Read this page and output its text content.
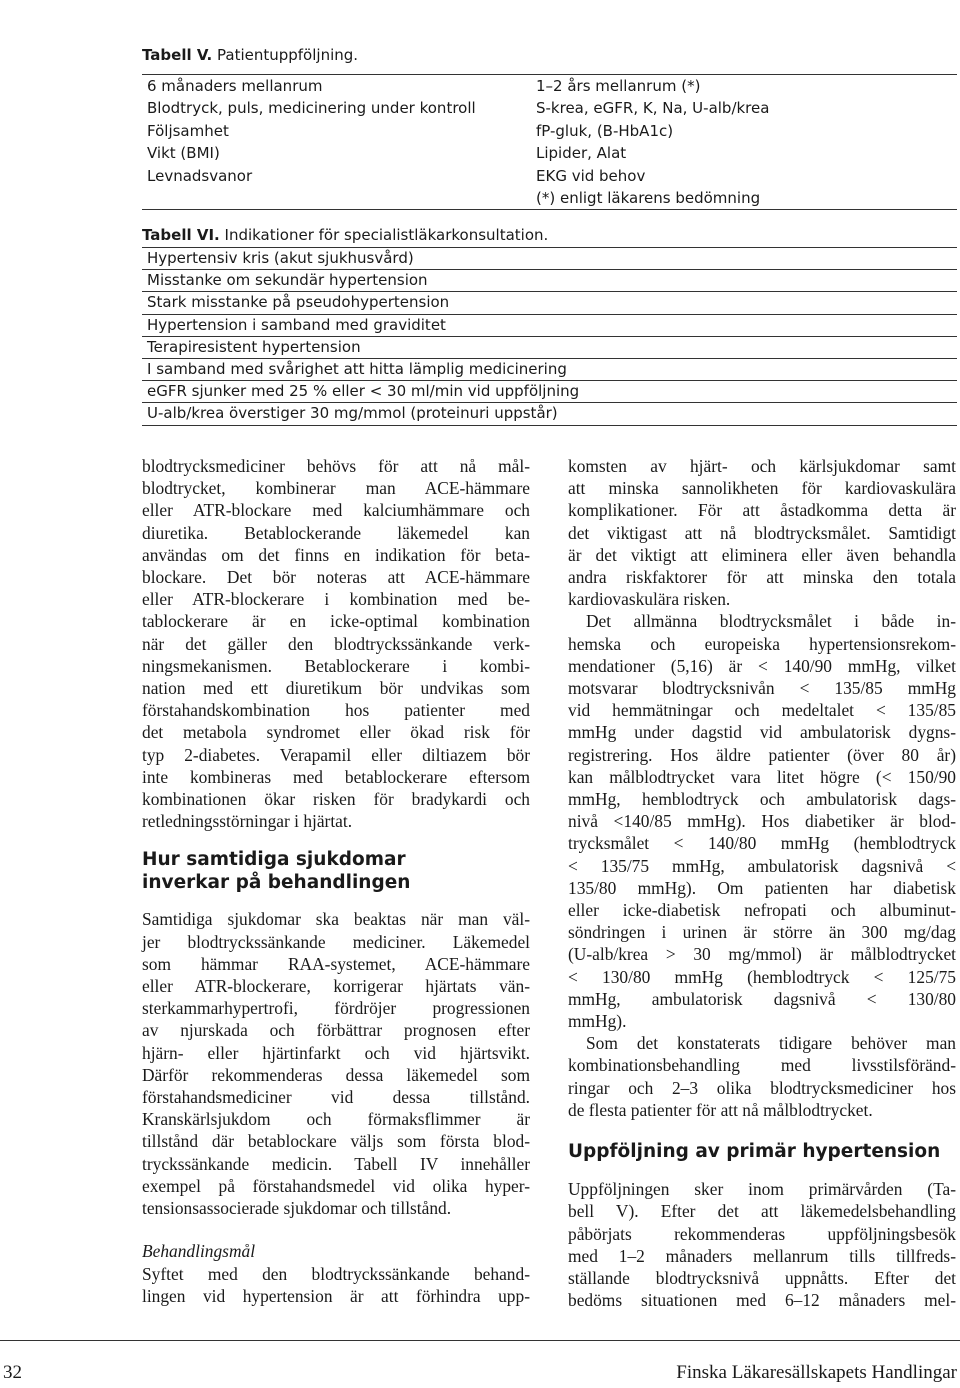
Tabell V. Patientuppföljning.
6 månaders mellanrum
Blodtryck, puls, medicinering under kontroll
Följsamhet
Vikt (BMI)
Levnadsvanor
1–2 års mellanrum (*)
S-krea, eGFR, K, Na, U-alb/krea
fP-gluk, (B-HbA1c)
Lipider, Alat
EKG vid behov
(*) enligt läkarens bedömning
Tabell VI. Indikationer för specialistläkarkonsultation.
Hypertensiv kris (akut sjukhusvård)
Misstanke om sekundär hypertension
Stark misstanke på pseudohypertension
Hypertension i samband med graviditet
Terapiresistent hypertension
I samband med svårighet att hitta lämplig medicinering
eGFR sjunker med 25 % eller < 30 ml/min vid uppföljning
U-alb/krea överstiger 30 mg/mmol (proteinuri uppstår)
blodtrycksmediciner behövs för att nå mål-
blodtrycket, kombinerar man ACE-hämmare
eller ATR-blockare med kalciumhämmare och
diuretika. Betablockerande läkemedel kan
användas om det finns en indikation för beta-
blockare. Det bör noteras att ACE-hämmare
eller ATR-blockerare i kombination med be-
tablockerare är en icke-optimal kombination
när det gäller den blodtryckssänkande verk-
ningsmekanismen. Betablockerare i kombi-
nation med ett diuretikum bör undvikas som
förstahandskombination hos patienter med
det metabola syndromet eller ökad risk för
typ 2-diabetes. Verapamil eller diltiazem bör
inte kombineras med betablockerare eftersom
kombinationen ökar risken för bradykardi och
retledningsstörningar i hjärtat.
Hur samtidiga sjukdomar
inverkar på behandlingen
Samtidiga sjukdomar ska beaktas när man väl-
jer blodtryckssänkande mediciner. Läkemedel
som hämmar RAA-systemet, ACE-hämmare
eller ATR-blockerare, korrigerar hjärtats vän-
sterkammarhypertrofi, fördröjer progressionen
av njurskada och förbättrar prognosen efter
hjärn- eller hjärtinfarkt och vid hjärtsvikt.
Därför rekommenderas dessa läkemedel som
förstahandsmediciner vid dessa tillstånd.
Kranskärlsjukdom och förmaksflimmer är
tillstånd där betablockare väljs som första blod-
tryckssänkande medicin. Tabell IV innehåller
exempel på förstahandsmedel vid olika hyper-
tensionsassocierade sjukdomar och tillstånd.
Behandlingsmål
Syftet med den blodtryckssänkande behand-
lingen vid hypertension är att förhindra upp-
komsten av hjärt- och kärlsjukdomar samt
att minska sannolikheten för kardiovaskulära
komplikationer. För att åstadkomma detta är
det viktigast att nå blodtrycksmålet. Samtidigt
är det viktigt att eliminera eller även behandla
andra riskfaktorer för att minska den totala
kardiovaskulära risken.
Det allmänna blodtrycksmålet i både in-
hemska och europeiska hypertensionsrekom-
mendationer (5,16) är < 140/90 mmHg, vilket
motsvarar blodtrycksnivån < 135/85 mmHg
vid hemmätningar och medeltalet < 135/85
mmHg under dagstid vid ambulatorisk dygns-
registrering. Hos äldre patienter (över 80 år)
kan målblodtrycket vara litet högre (< 150/90
mmHg, hemblodtryck och ambulatorisk dags-
nivå <140/85 mmHg). Hos diabetiker är blod-
trycksmålet < 140/80 mmHg (hemblodtryck
< 135/75 mmHg, ambulatorisk dagsnivå <
135/80 mmHg). Om patienten har diabetisk
eller icke-diabetisk nefropati och albuminut-
söndringen i urinen är större än 300 mg/dag
(U-alb/krea > 30 mg/mmol) är målblodtrycket
< 130/80 mmHg (hemblodtryck < 125/75
mmHg, ambulatorisk dagsnivå < 130/80
mmHg).
Som det konstaterats tidigare behöver man
kombinationsbehandling med livsstilsföränd-
ringar och 2–3 olika blodtrycksmediciner hos
de flesta patienter för att nå målblodtrycket.
Uppföljning av primär hypertension
Uppföljningen sker inom primärvården (Ta-
bell V). Efter det att läkemedelsbehandling
påbörjats rekommenderas uppföljningsbesök
med 1–2 månaders mellanrum tills tillfreds-
ställande blodtrycksnivå uppnåtts. Efter det
bedöms situationen med 6–12 månaders mel-
32	Finska Läkaresällskapets Handlingar
